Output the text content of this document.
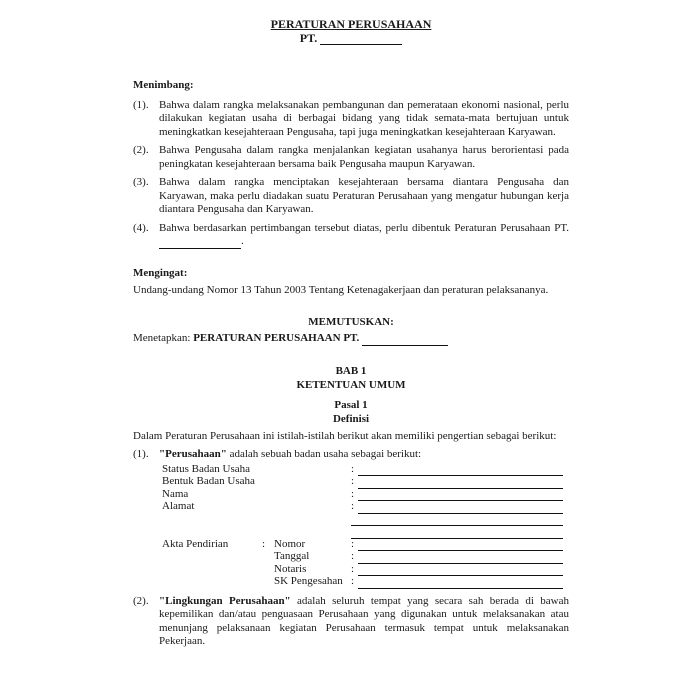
PERATURAN PERUSAHAAN
PT.
Menimbang:
(1). Bahwa dalam rangka melaksanakan pembangunan dan pemerataan ekonomi nasional, perlu dilakukan kegiatan usaha di berbagai bidang yang tidak semata-mata bertujuan untuk meningkatkan kesejahteraan Pengusaha, tapi juga meningkatkan kesejahteraan Karyawan.
(2). Bahwa Pengusaha dalam rangka menjalankan kegiatan usahanya harus berorientasi pada peningkatan kesejahteraan bersama baik Pengusaha maupun Karyawan.
(3). Bahwa dalam rangka menciptakan kesejahteraan bersama diantara Pengusaha dan Karyawan, maka perlu diadakan suatu Peraturan Perusahaan yang mengatur hubungan kerja diantara Pengusaha dan Karyawan.
(4). Bahwa berdasarkan pertimbangan tersebut diatas, perlu dibentuk Peraturan Perusahaan PT. .
Mengingat:

Undang-undang Nomor 13 Tahun 2003 Tentang Ketenagakerjaan dan peraturan pelaksananya.

MEMUTUSKAN:
Menetapkan: PERATURAN PERUSAHAAN PT.
BAB 1
KETENTUAN UMUM
Pasal 1
Definisi

Dalam Peraturan Perusahaan ini istilah-istilah berikut akan memiliki pengertian sebagai berikut:

(1). "Perusahaan" adalah sebuah badan usaha sebagai berikut:
Status Badan Usaha	:
Bentuk Badan Usaha	:
Nama	:
Alamat	:
Akta Pendirian	: Nomor	:
Tanggal	:
Notaris	:
SK Pengesahan :
(2). "Lingkungan Perusahaan" adalah seluruh tempat yang secara sah berada di bawah kepemilikan dan/atau penguasaan Perusahaan yang digunakan untuk melaksanakan atau menunjang pelaksanaan kegiatan Perusahaan termasuk tempat untuk melaksanakan Pekerjaan.
